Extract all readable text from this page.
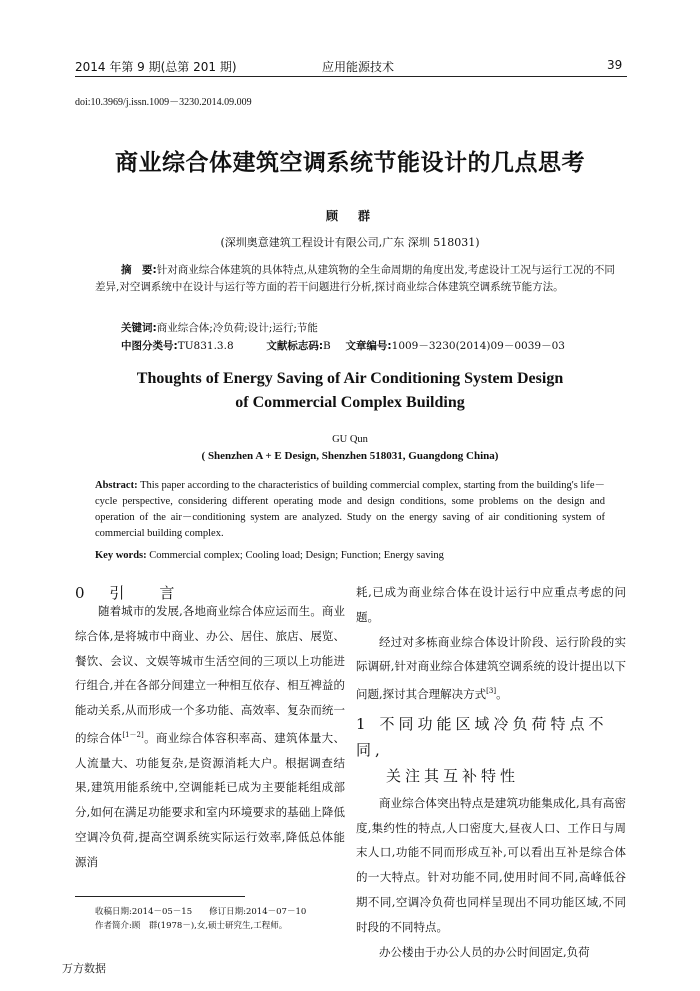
2014 年第 9 期(总第 201 期)	应用能源技术	39
doi:10.3969/j.issn.1009－3230.2014.09.009
商业综合体建筑空调系统节能设计的几点思考
顾　群
(深圳奥意建筑工程设计有限公司,广东 深圳 518031)
摘　要:针对商业综合体建筑的具体特点,从建筑物的全生命周期的角度出发,考虑设计工况与运行工况的不同差异,对空调系统中在设计与运行等方面的若干问题进行分析,探讨商业综合体建筑空调系统节能方法。
关键词:商业综合体;冷负荷;设计;运行;节能
中图分类号:TU831.3.8	文献标志码:B 文章编号:1009－3230(2014)09－0039－03
Thoughts of Energy Saving of Air Conditioning System Design
of Commercial Complex Building
GU Qun
( Shenzhen A + E Design, Shenzhen 518031, Guangdong China)
Abstract: This paper according to the characteristics of building commercial complex, starting from the building's life－cycle perspective, considering different operating mode and design conditions, some problems on the design and operation of the air－conditioning system are analyzed. Study on the energy saving of air conditioning system of commercial building complex.
Key words: Commercial complex; Cooling load; Design; Function; Energy saving
0 引　言

随着城市的发展,各地商业综合体应运而生。商业综合体,是将城市中商业、办公、居住、旅店、展览、餐饮、会议、文娱等城市生活空间的三项以上功能进行组合,并在各部分间建立一种相互依存、相互裨益的能动关系,从而形成一个多功能、高效率、复杂而统一的综合体[1－2]。商业综合体容积率高、建筑体量大、人流量大、功能复杂,是资源消耗大户。根据调查结果,建筑用能系统中,空调能耗已成为主要能耗组成部分,如何在满足功能要求和室内环境要求的基础上降低空调冷负荷,提高空调系统实际运行效率,降低总体能源消

耗,已成为商业综合体在设计运行中应重点考虑的问题。

经过对多栋商业综合体设计阶段、运行阶段的实际调研,针对商业综合体建筑空调系统的设计提出以下问题,探讨其合理解决方式[3]。

1 不同功能区域冷负荷特点不同,
关注其互补特性

商业综合体突出特点是建筑功能集成化,具有高密度,集约性的特点,人口密度大,昼夜人口、工作日与周末人口,功能不同而形成互补,可以看出互补是综合体的一大特点。针对功能不同,使用时间不同,高峰低谷期不同,空调冷负荷也同样呈现出不同功能区域,不同时段的不同特点。

办公楼由于办公人员的办公时间固定,负荷

收稿日期:2014－05－15　　修订日期:2014－07－10
作者简介:顾　群(1978－),女,硕士研究生,工程师。
万方数据
